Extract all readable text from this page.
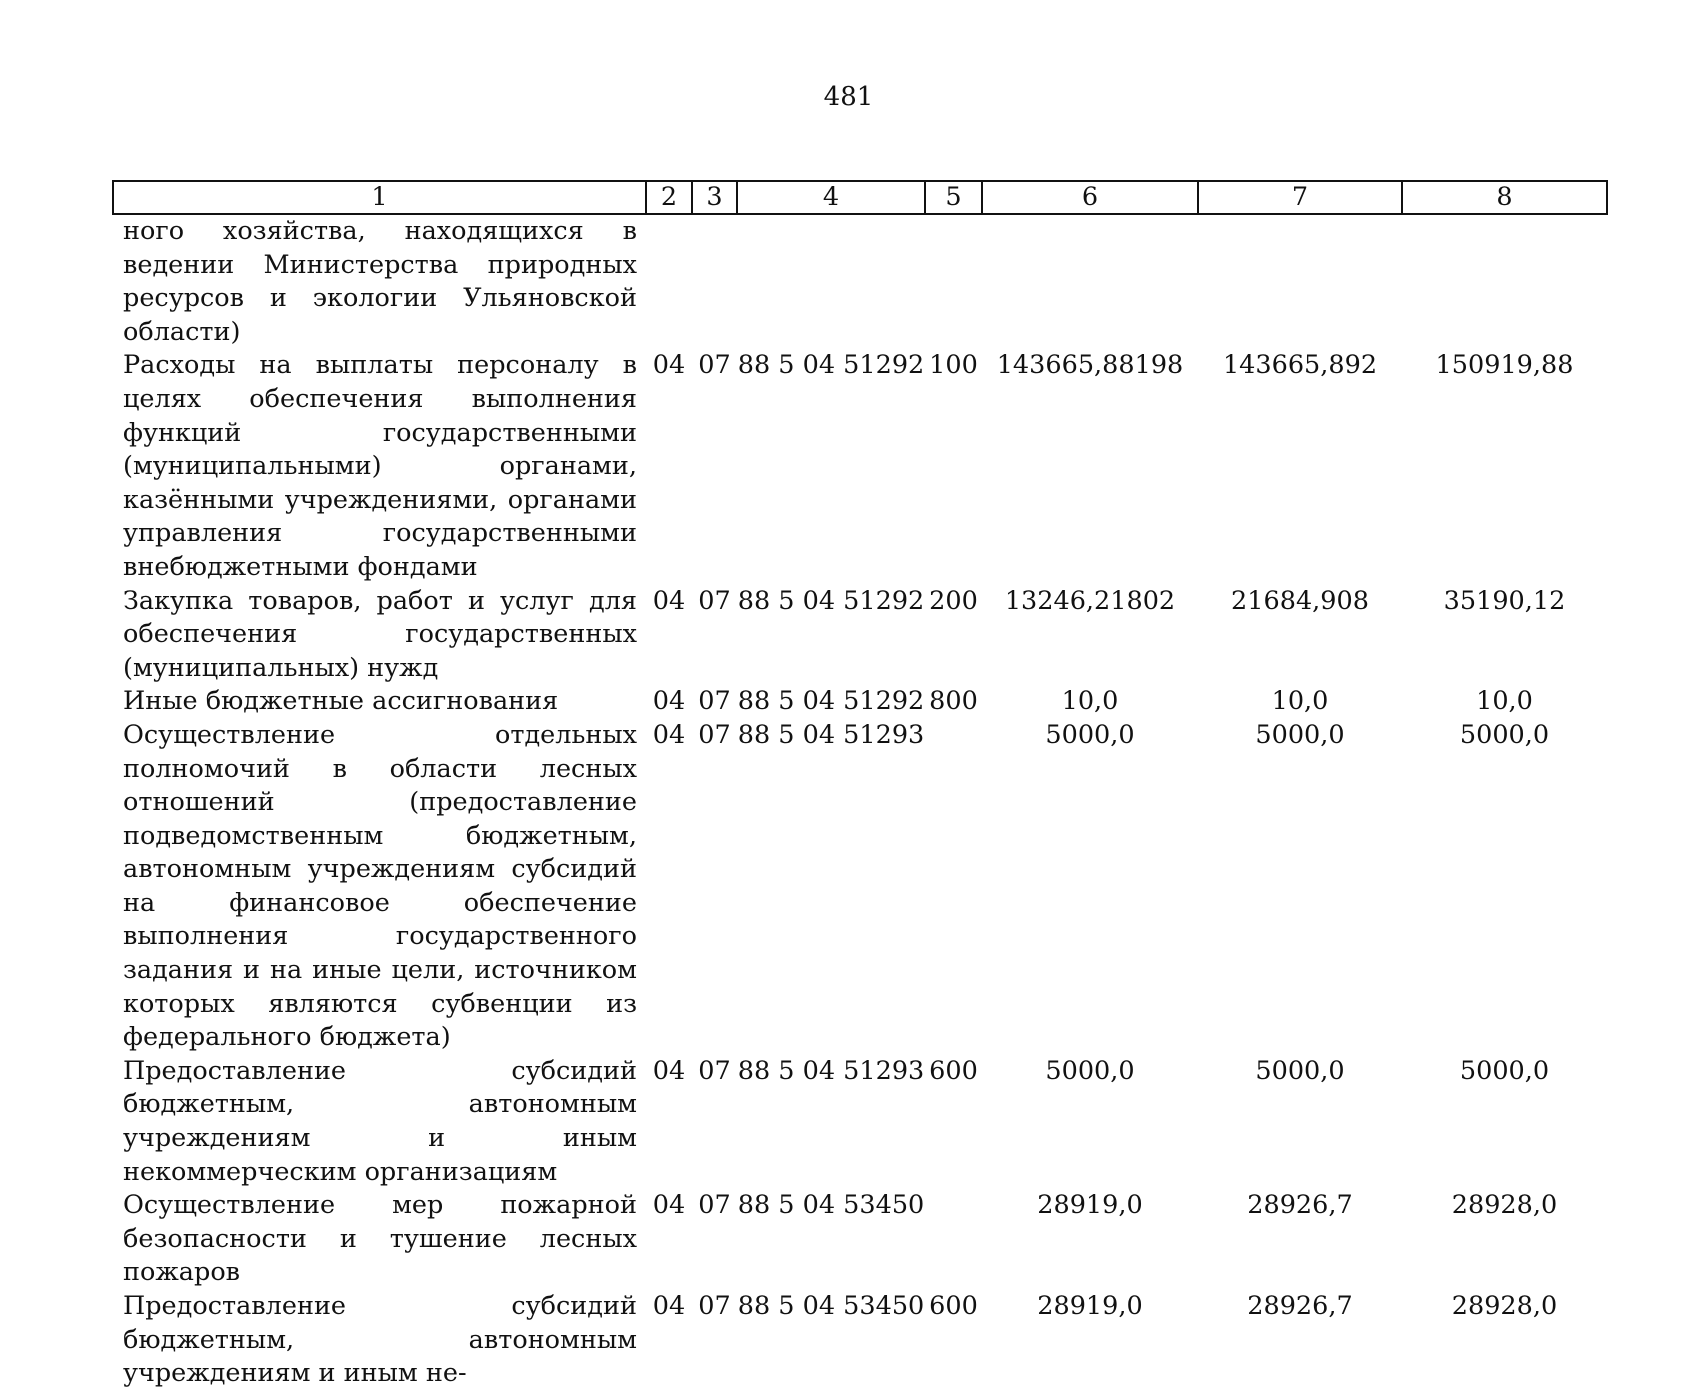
481
1	2	3	4	5	6	7	8
ного хозяйства, находящихся в ведении Министерства природных ресурсов и экологии Ульяновской области)							
Расходы на выплаты персоналу в целях обеспечения выполнения функций государственными (муниципальными) органами, казёнными учреждениями, органами управления государственными внебюджетными фондами	04	07	88 5 04 51292	100	143665,88198	143665,892	150919,88
Закупка товаров, работ и услуг для обеспечения государственных (муниципальных) нужд	04	07	88 5 04 51292	200	13246,21802	21684,908	35190,12
Иные бюджетные ассигнования	04	07	88 5 04 51292	800	10,0	10,0	10,0
Осуществление отдельных полномочий в области лесных отношений (предоставление подведомственным бюджетным, автономным учреждениям субсидий на финансовое обеспечение выполнения государственного задания и на иные цели, источником которых являются субвенции из федерального бюджета)	04	07	88 5 04 51293		5000,0	5000,0	5000,0
Предоставление субсидий бюджетным, автономным учреждениям и иным некоммерческим организациям	04	07	88 5 04 51293	600	5000,0	5000,0	5000,0
Осуществление мер пожарной безопасности и тушение лесных пожаров	04	07	88 5 04 53450		28919,0	28926,7	28928,0
Предоставление субсидий бюджетным, автономным учреждениям и иным не-	04	07	88 5 04 53450	600	28919,0	28926,7	28928,0
